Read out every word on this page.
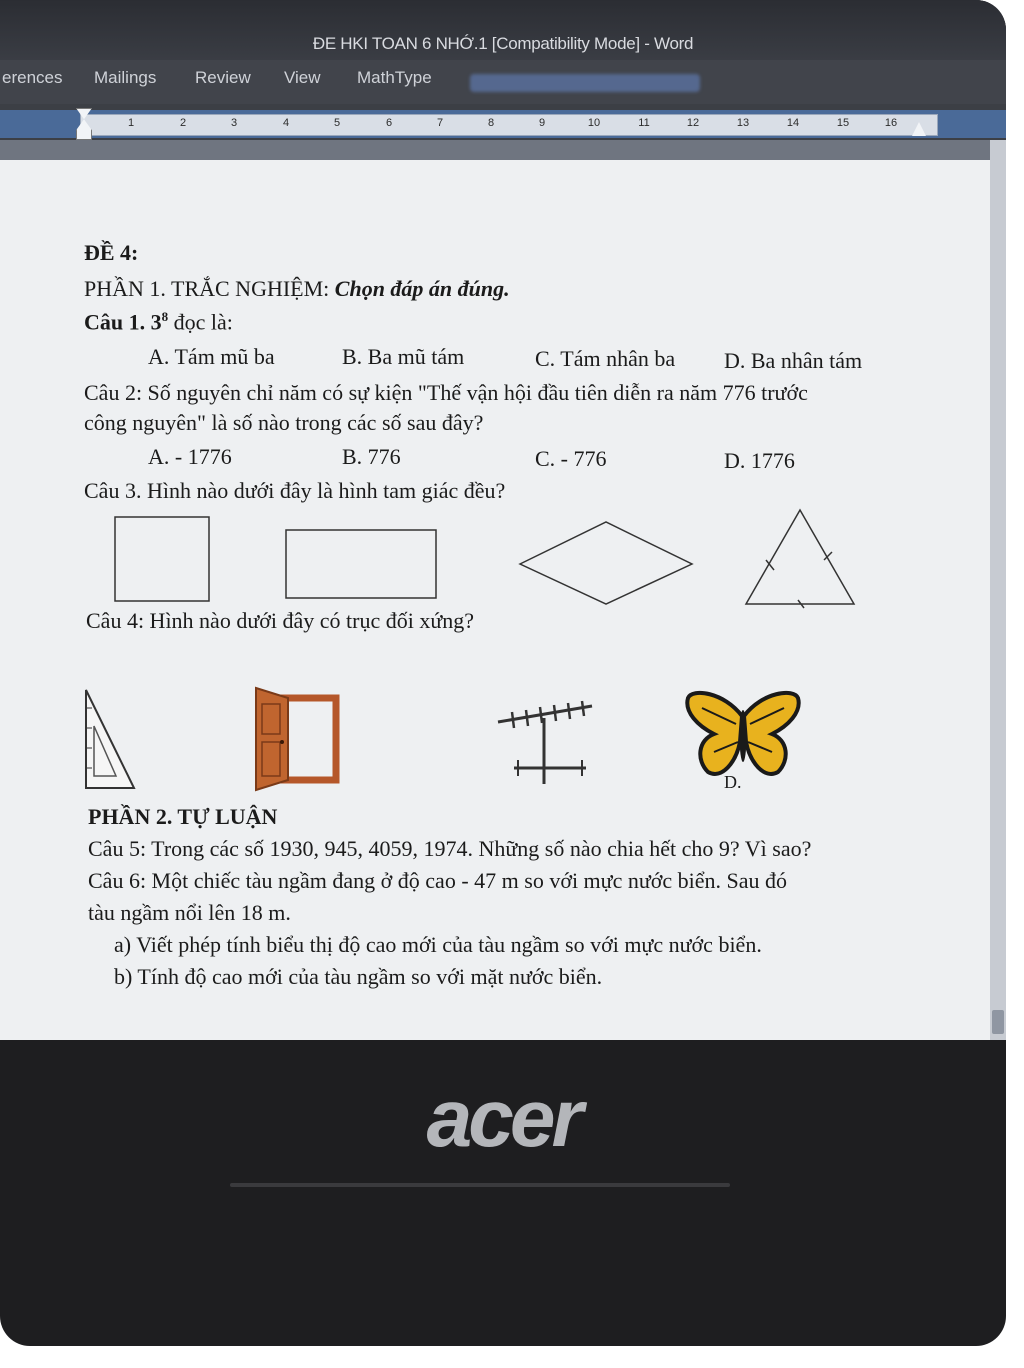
ĐE HKI TOAN 6 NHỚ.1 [Compatibility Mode] - Word
erences Mailings Review View MathType
1	2	3	4	5	6	7	8	9	10	11	12	13	14	15	16
ĐỀ 4:
PHẦN 1. TRẮC NGHIỆM: Chọn đáp án đúng.
Câu 1. $3^8$ đọc là:
A. Tám mũ ba	B. Ba mũ tám	C. Tám nhân ba D. Ba nhân tám
Câu 2: Số nguyên chỉ năm có sự kiện "Thế vận hội đầu tiên diễn ra năm 776 trước
công nguyên" là số nào trong các số sau đây?
A. - 1776	B. 776	C. - 776	D. 1776
Câu 3. Hình nào dưới đây là hình tam giác đều?
Câu 4: Hình nào dưới đây có trục đối xứng?
D.
PHẦN 2. TỰ LUẬN
Câu 5: Trong các số 1930, 945, 4059, 1974. Những số nào chia hết cho 9? Vì sao?
Câu 6: Một chiếc tàu ngầm đang ở độ cao - 47 m so với mực nước biển. Sau đó
tàu ngầm nổi lên 18 m.
a) Viết phép tính biểu thị độ cao mới của tàu ngầm so với mực nước biển.
b) Tính độ cao mới của tàu ngầm so với mặt nước biển.
acer
